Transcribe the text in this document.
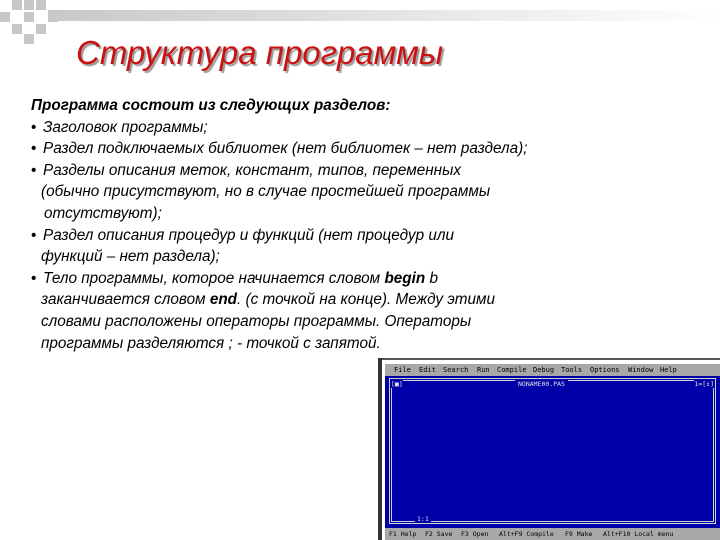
Структура программы
Программа состоит из следующих разделов:
• Заголовок программы;
• Раздел подключаемых библиотек (нет библиотек – нет раздела);
• Разделы описания меток, констант, типов, переменных
(обычно присутствуют, но в случае простейшей программы
отсутствуют);
• Раздел описания процедур и функций (нет процедур или
функций – нет раздела);
• Тело программы, которое начинается словом begin b
заканчивается словом end. (с точкой на конце). Между этими
словами расположены операторы программы. Операторы
программы разделяются ; - точкой с запятой.
File Edit Search Run Compile Debug Tools Options Window Help
[■]	NONAME00.PAS	1=[↕]
1:1
F1 Help F2 Save F3 Open Alt+F9 Compile F9 Make Alt+F10 Local menu
